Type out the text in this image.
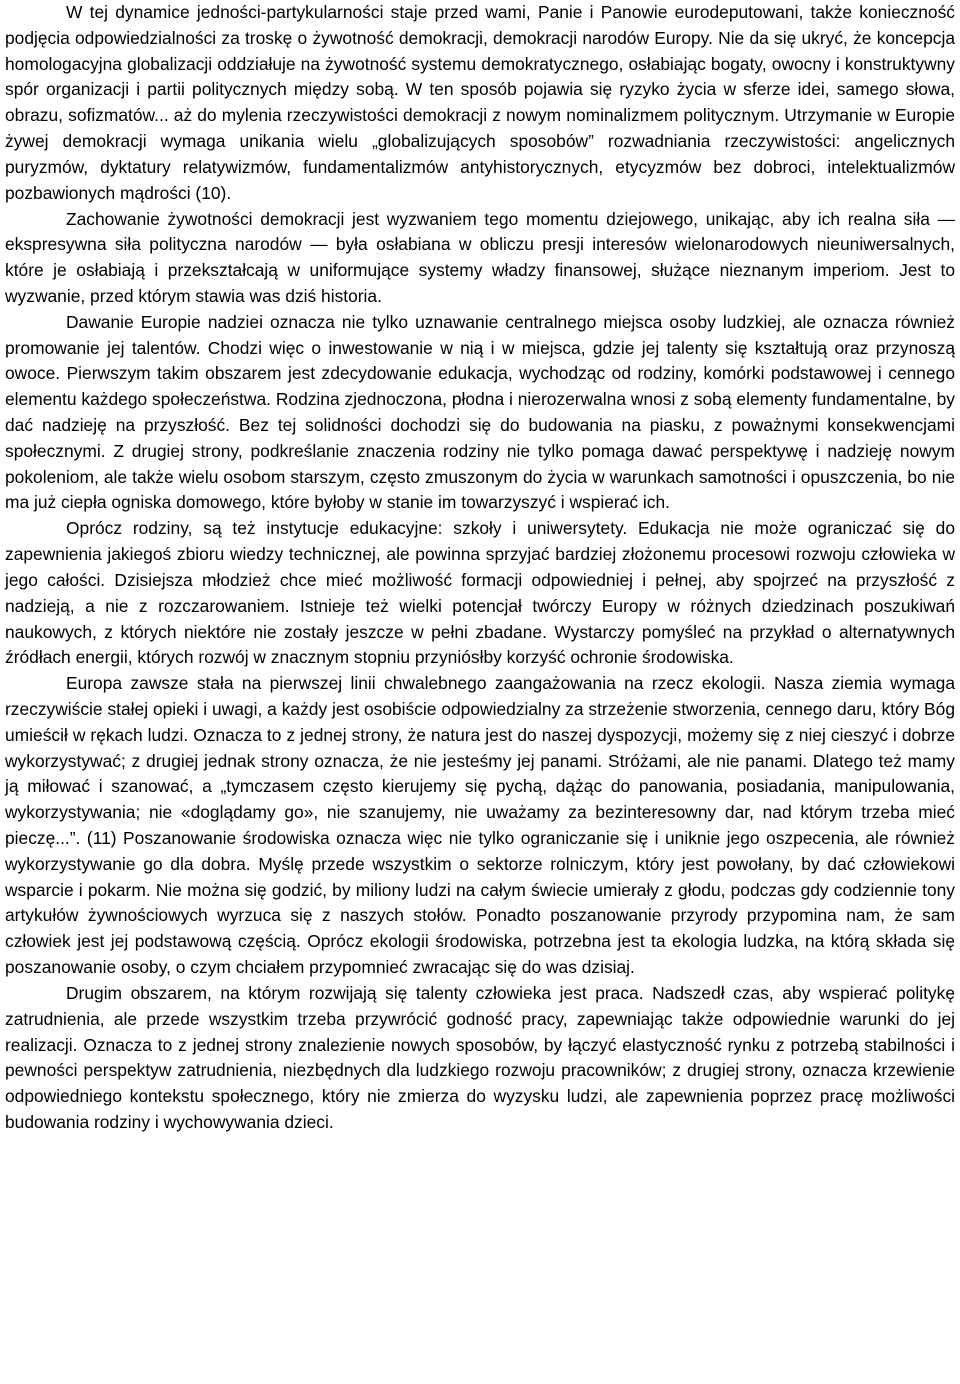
W tej dynamice jedności-partykularności staje przed wami, Panie i Panowie eurodeputowani, także konieczność podjęcia odpowiedzialności za troskę o żywotność demokracji, demokracji narodów Europy. Nie da się ukryć, że koncepcja homologacyjna globalizacji oddziałuje na żywotność systemu demokratycznego, osłabiając bogaty, owocny i konstruktywny spór organizacji i partii politycznych między sobą. W ten sposób pojawia się ryzyko życia w sferze idei, samego słowa, obrazu, sofizmatów... aż do mylenia rzeczywistości demokracji z nowym nominalizmem politycznym. Utrzymanie w Europie żywej demokracji wymaga unikania wielu „globalizujących sposobów” rozwadniania rzeczywistości: angelicznych puryzmów, dyktatury relatywizmów, fundamentalizmów antyhistorycznych, etycyzmów bez dobroci, intelektualizmów pozbawionych mądrości (10).

Zachowanie żywotności demokracji jest wyzwaniem tego momentu dziejowego, unikając, aby ich realna siła — ekspresywna siła polityczna narodów — była osłabiana w obliczu presji interesów wielonarodowych nieuniwersalnych, które je osłabiają i przekształcają w uniformujące systemy władzy finansowej, służące nieznanym imperiom. Jest to wyzwanie, przed którym stawia was dziś historia.

Dawanie Europie nadziei oznacza nie tylko uznawanie centralnego miejsca osoby ludzkiej, ale oznacza również promowanie jej talentów. Chodzi więc o inwestowanie w nią i w miejsca, gdzie jej talenty się kształtują oraz przynoszą owoce. Pierwszym takim obszarem jest zdecydowanie edukacja, wychodząc od rodziny, komórki podstawowej i cennego elementu każdego społeczeństwa. Rodzina zjednoczona, płodna i nierozerwalna wnosi z sobą elementy fundamentalne, by dać nadzieję na przyszłość. Bez tej solidności dochodzi się do budowania na piasku, z poważnymi konsekwencjami społecznymi. Z drugiej strony, podkreślanie znaczenia rodziny nie tylko pomaga dawać perspektywę i nadzieję nowym pokoleniom, ale także wielu osobom starszym, często zmuszonym do życia w warunkach samotności i opuszczenia, bo nie ma już ciepła ogniska domowego, które byłoby w stanie im towarzyszyć i wspierać ich.

Oprócz rodziny, są też instytucje edukacyjne: szkoły i uniwersytety. Edukacja nie może ograniczać się do zapewnienia jakiegoś zbioru wiedzy technicznej, ale powinna sprzyjać bardziej złożonemu procesowi rozwoju człowieka w jego całości. Dzisiejsza młodzież chce mieć możliwość formacji odpowiedniej i pełnej, aby spojrzeć na przyszłość z nadzieją, a nie z rozczarowaniem. Istnieje też wielki potencjał twórczy Europy w różnych dziedzinach poszukiwań naukowych, z których niektóre nie zostały jeszcze w pełni zbadane. Wystarczy pomyśleć na przykład o alternatywnych źródłach energii, których rozwój w znacznym stopniu przyniósłby korzyść ochronie środowiska.

Europa zawsze stała na pierwszej linii chwalebnego zaangażowania na rzecz ekologii. Nasza ziemia wymaga rzeczywiście stałej opieki i uwagi, a każdy jest osobiście odpowiedzialny za strzeżenie stworzenia, cennego daru, który Bóg umieścił w rękach ludzi. Oznacza to z jednej strony, że natura jest do naszej dyspozycji, możemy się z niej cieszyć i dobrze wykorzystywać; z drugiej jednak strony oznacza, że nie jesteśmy jej panami. Stróżami, ale nie panami. Dlatego też mamy ją miłować i szanować, a „tymczasem często kierujemy się pychą, dążąc do panowania, posiadania, manipulowania, wykorzystywania; nie «doglądamy go», nie szanujemy, nie uważamy za bezinteresowny dar, nad którym trzeba mieć pieczę...”. (11) Poszanowanie środowiska oznacza więc nie tylko ograniczanie się i uniknie jego oszpecenia, ale również wykorzystywanie go dla dobra. Myślę przede wszystkim o sektorze rolniczym, który jest powołany, by dać człowiekowi wsparcie i pokarm. Nie można się godzić, by miliony ludzi na całym świecie umierały z głodu, podczas gdy codziennie tony artykułów żywnościowych wyrzuca się z naszych stołów. Ponadto poszanowanie przyrody przypomina nam, że sam człowiek jest jej podstawową częścią. Oprócz ekologii środowiska, potrzebna jest ta ekologia ludzka, na którą składa się poszanowanie osoby, o czym chciałem przypomnieć zwracając się do was dzisiaj.

Drugim obszarem, na którym rozwijają się talenty człowieka jest praca. Nadszedł czas, aby wspierać politykę zatrudnienia, ale przede wszystkim trzeba przywrócić godność pracy, zapewniając także odpowiednie warunki do jej realizacji. Oznacza to z jednej strony znalezienie nowych sposobów, by łączyć elastyczność rynku z potrzebą stabilności i pewności perspektyw zatrudnienia, niezbędnych dla ludzkiego rozwoju pracowników; z drugiej strony, oznacza krzewienie odpowiedniego kontekstu społecznego, który nie zmierza do wyzysku ludzi, ale zapewnienia poprzez pracę możliwości budowania rodziny i wychowywania dzieci.
